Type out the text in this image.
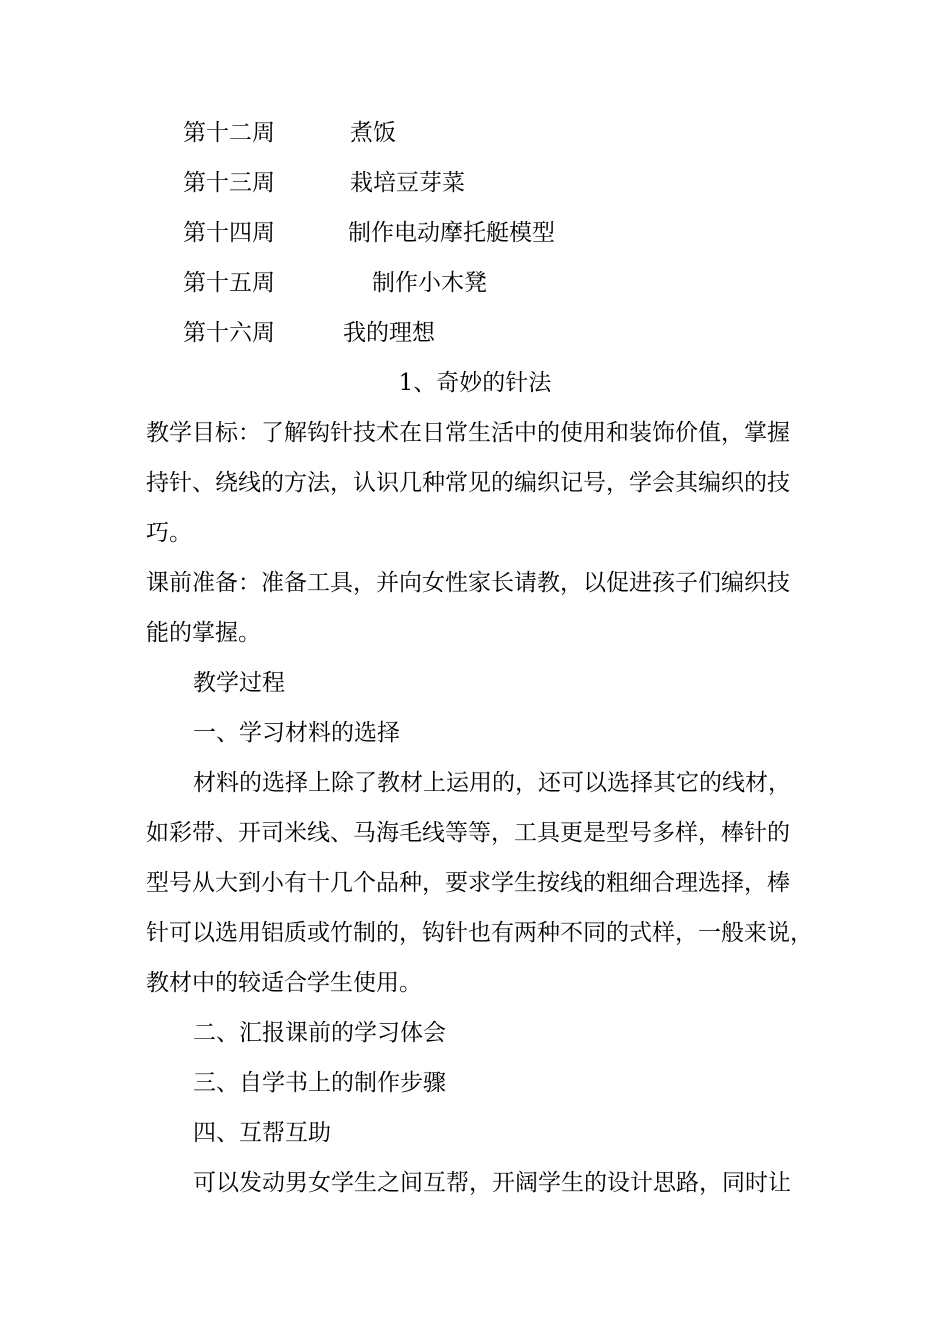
第十二周	煮饭
第十三周	栽培豆芽菜
第十四周	制作电动摩托艇模型
第十五周	制作小木凳
第十六周	我的理想
1、奇妙的针法
教学目标：了解钩针技术在日常生活中的使用和装饰价值，掌握
持针、绕线的方法，认识几种常见的编织记号，学会其编织的技
巧。
课前准备：准备工具，并向女性家长请教，以促进孩子们编织技
能的掌握。
教学过程
一、学习材料的选择
材料的选择上除了教材上运用的，还可以选择其它的线材，
如彩带、开司米线、马海毛线等等，工具更是型号多样，棒针的
型号从大到小有十几个品种，要求学生按线的粗细合理选择，棒
针可以选用铝质或竹制的，钩针也有两种不同的式样，一般来说，
教材中的较适合学生使用。
二、汇报课前的学习体会
三、自学书上的制作步骤
四、互帮互助
可以发动男女学生之间互帮，开阔学生的设计思路，同时让
